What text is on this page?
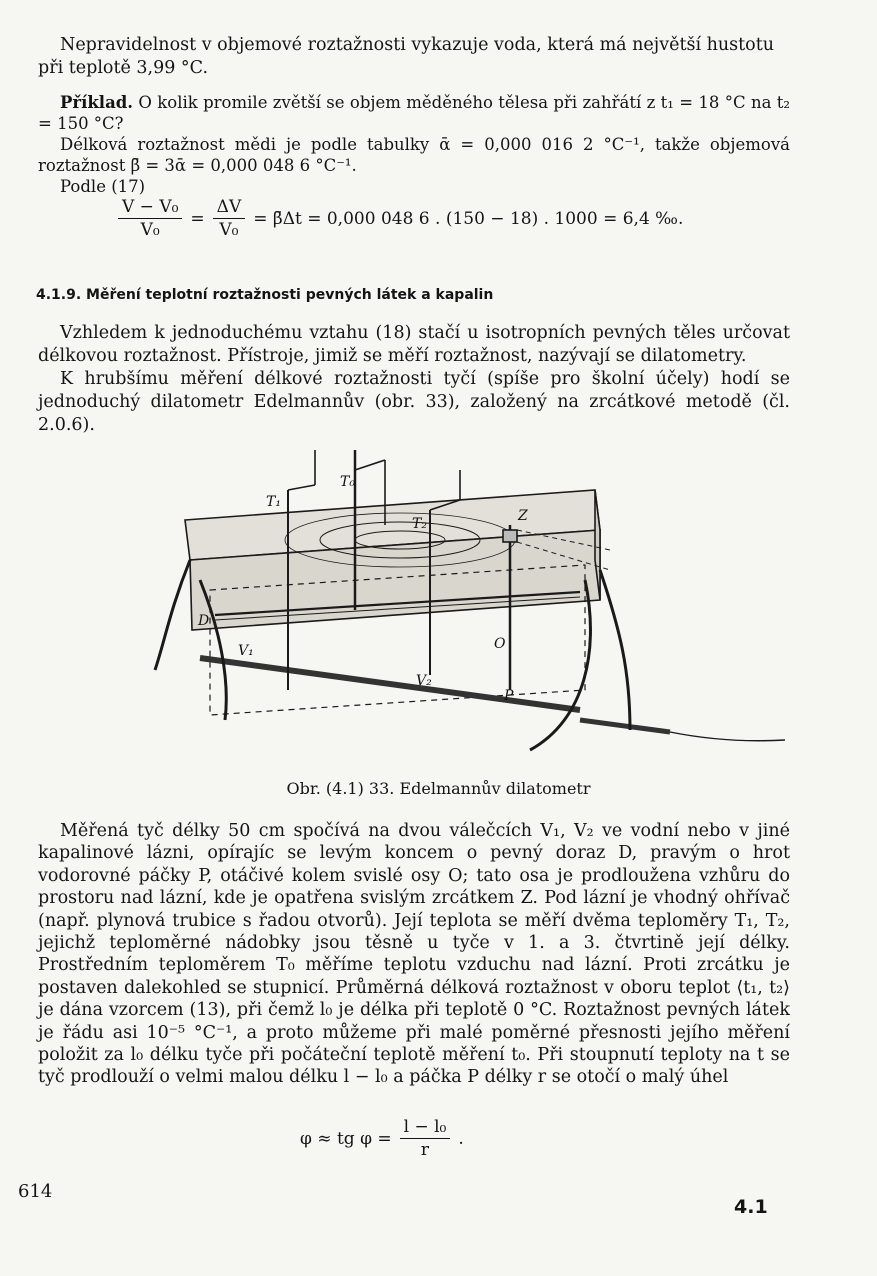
Nepravidelnost v objemové roztažnosti vykazuje voda, která má největší hustotu

při teplotě 3,99 °C.

Příklad. O kolik promile zvětší se objem měděného tělesa při zahřátí z t₁ = 18 °C na t₂ = 150 °C?

Délková roztažnost mědi je podle tabulky ᾱ = 0,000 016 2 °C⁻¹, takže objemová roztažnost β̄ = 3ᾱ = 0,000 048 6 °C⁻¹.

Podle (17)

$\frac{\text{V − V₀}}{\text{V₀}} = \frac{\Delta V}{\text{V₀}}$ = β̄Δt = 0,000 048 6 . (150 − 18) . 1000 = 6,4 ‰.
4.1.9. Měření teplotní roztažnosti pevných látek a kapalin

Vzhledem k jednoduchému vztahu (18) stačí u isotropních pevných těles určovat délkovou roztažnost. Přístroje, jimiž se měří roztažnost, nazývají se dilatometry.

K hrubšímu měření délkové roztažnosti tyčí (spíše pro školní účely) hodí se jednoduchý dilatometr Edelmannův (obr. 33), založený na zrcátkové metodě (čl. 2.0.6).

T₁
T₀
T₂	Z
D
O
V₁
V₂
P
Obr. (4.1) 33. Edelmannův dilatometr

Měřená tyč délky 50 cm spočívá na dvou válečcích V₁, V₂ ve vodní nebo v jiné kapalinové lázni, opírajíc se levým koncem o pevný doraz D, pravým o hrot vodorovné páčky P, otáčivé kolem svislé osy O; tato osa je prodloužena vzhůru do prostoru nad lázní, kde je opatřena svislým zrcátkem Z. Pod lázní je vhodný ohřívač (např. plynová trubice s řadou otvorů). Její teplota se měří dvěma teploměry T₁, T₂, jejichž teploměrné nádobky jsou těsně u tyče v 1. a 3. čtvrtině její délky. Prostředním teploměrem T₀ měříme teplotu vzduchu nad lázní. Proti zrcátku je postaven dalekohled se stupnicí. Průměrná délková roztažnost v oboru teplot ⟨t₁, t₂⟩ je dána vzorcem (13), při čemž l₀ je délka při teplotě 0 °C. Roztažnost pevných látek je řádu asi 10⁻⁵ °C⁻¹, a proto můžeme při malé poměrné přesnosti jejího měření položit za l₀ délku tyče při počáteční teplotě měření t₀. Při stoupnutí teploty na t se tyč prodlouží o velmi malou délku l − l₀ a páčka P délky r se otočí o malý úhel

φ ≈ tg $\varphi = \frac{\text{l − l₀}}{r}$ .
614
4.1
